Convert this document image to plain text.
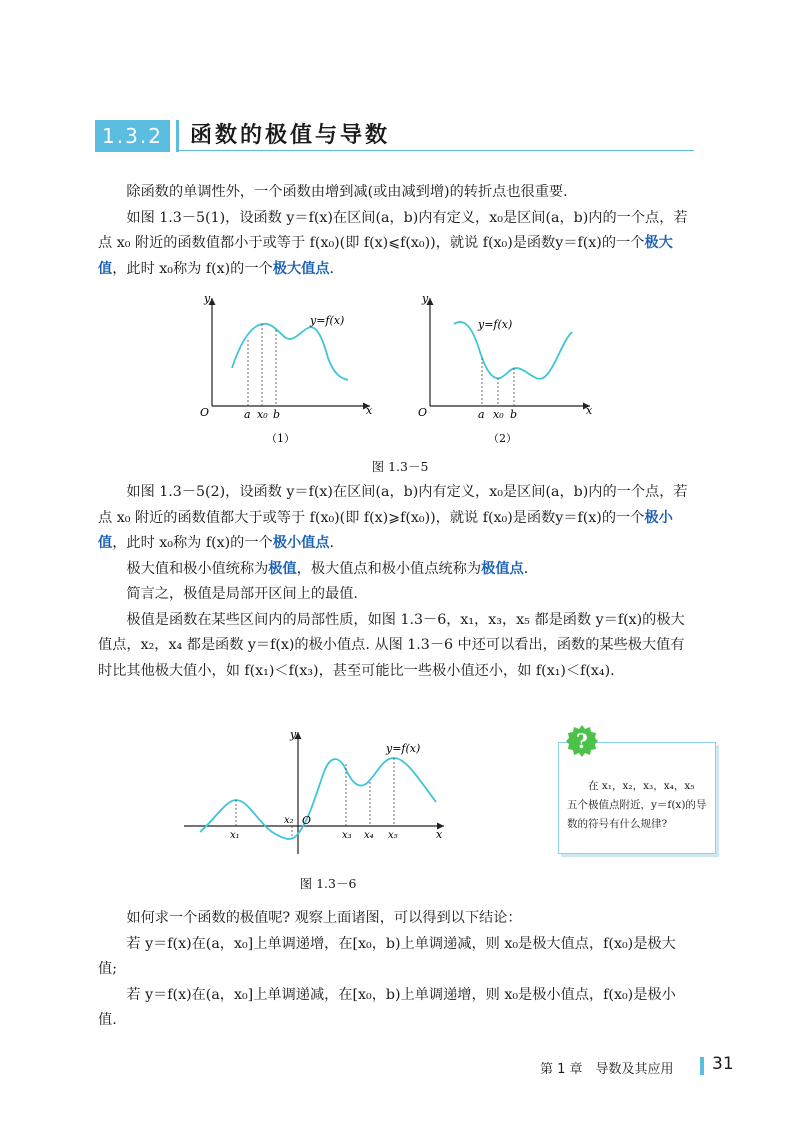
1.3.2	函数的极值与导数

除函数的单调性外，一个函数由增到减(或由减到增)的转折点也很重要.

如图 1.3－5(1)，设函数 y＝f(x)在区间(a，b)内有定义，x₀是区间(a，b)内的一个点，若点 x₀ 附近的函数值都小于或等于 f(x₀)(即 f(x)⩽f(x₀))，就说 f(x₀)是函数y＝f(x)的一个极大值，此时 x₀称为 f(x)的一个极大值点.

y
x
O	a x₀ b
y=f(x)
（1）
y
x
O	a x₀ b
y=f(x)
（2）
图 1.3－5

如图 1.3－5(2)，设函数 y＝f(x)在区间(a，b)内有定义，x₀是区间(a，b)内的一个点，若点 x₀ 附近的函数值都大于或等于 f(x₀)(即 f(x)⩾f(x₀))，就说 f(x₀)是函数y＝f(x)的一个极小值，此时 x₀称为 f(x)的一个极小值点.

极大值和极小值统称为极值，极大值点和极小值点统称为极值点.

简言之，极值是局部开区间上的最值.

极值是函数在某些区间内的局部性质，如图 1.3－6，x₁，x₃，x₅ 都是函数 y＝f(x)的极大值点，x₂，x₄ 都是函数 y＝f(x)的极小值点. 从图 1.3－6 中还可以看出，函数的某些极大值有时比其他极大值小，如 f(x₁)＜f(x₃)，甚至可能比一些极小值还小，如 f(x₁)＜f(x₄).

y
x
O
x₁
x₂
x₃ x₄ x₅
y=f(x)
图 1.3－6
在 x₁，x₂，x₃，x₄，x₅ 五个极值点附近，y＝f(x)的导数的符号有什么规律?
?

如何求一个函数的极值呢? 观察上面诸图，可以得到以下结论：

若 y＝f(x)在(a，x₀]上单调递增，在[x₀，b)上单调递减，则 x₀是极大值点，f(x₀)是极大值;

若 y＝f(x)在(a，x₀]上单调递减，在[x₀，b)上单调递增，则 x₀是极小值点，f(x₀)是极小值.

第 1 章　导数及其应用 31
